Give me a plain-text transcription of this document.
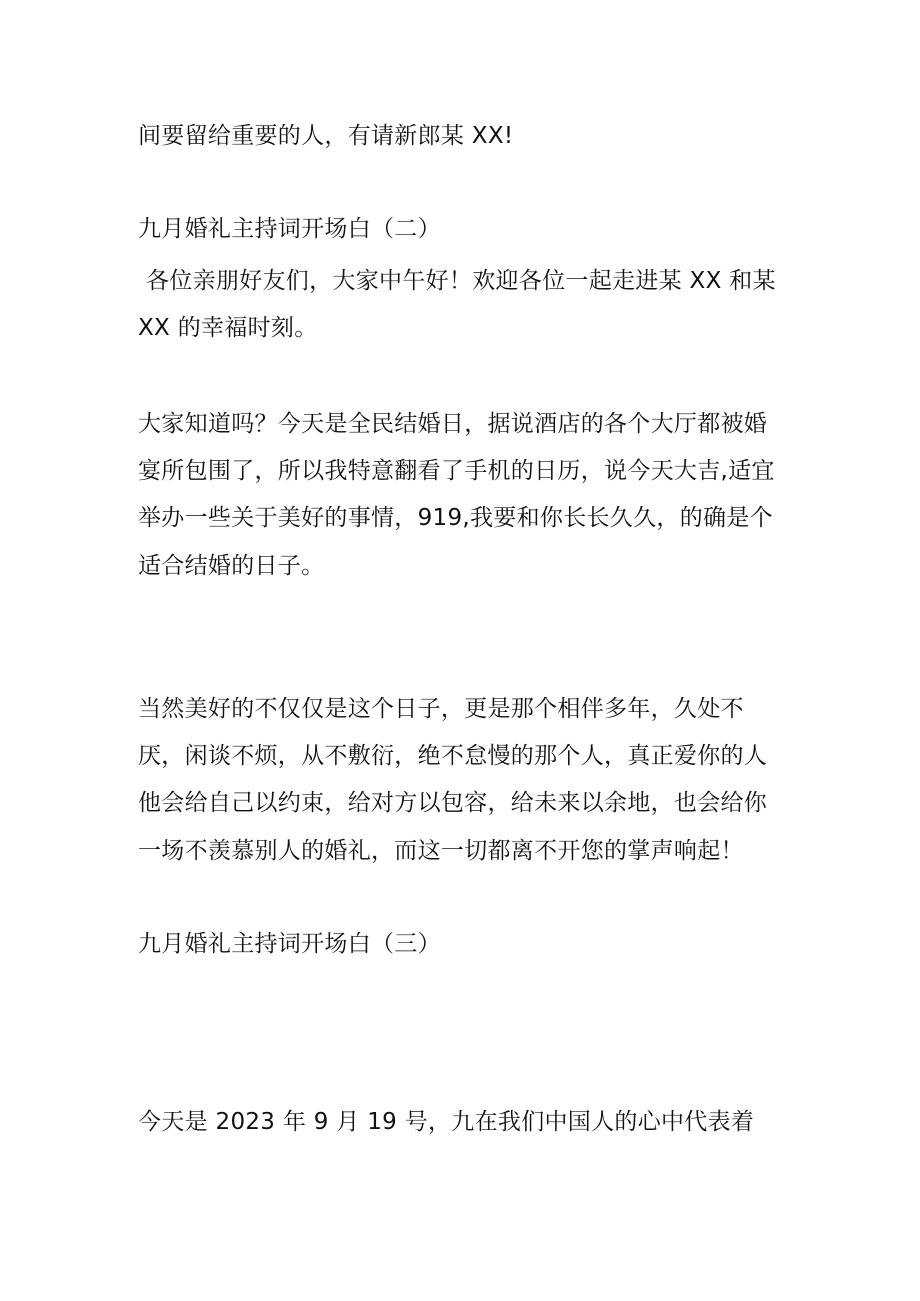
间要留给重要的人，有请新郎某 XX!
九月婚礼主持词开场白（二）
各位亲朋好友们，大家中午好！欢迎各位一起走进某 XX 和某
XX 的幸福时刻。
大家知道吗？今天是全民结婚日，据说酒店的各个大厅都被婚
宴所包围了，所以我特意翻看了手机的日历，说今天大吉,适宜
举办一些关于美好的事情，919,我要和你长长久久，的确是个
适合结婚的日子。
当然美好的不仅仅是这个日子，更是那个相伴多年，久处不
厌，闲谈不烦，从不敷衍，绝不怠慢的那个人，真正爱你的人
他会给自己以约束，给对方以包容，给未来以余地，也会给你
一场不羡慕别人的婚礼，而这一切都离不开您的掌声响起！
九月婚礼主持词开场白（三）
今天是 2023 年 9 月 19 号，九在我们中国人的心中代表着
